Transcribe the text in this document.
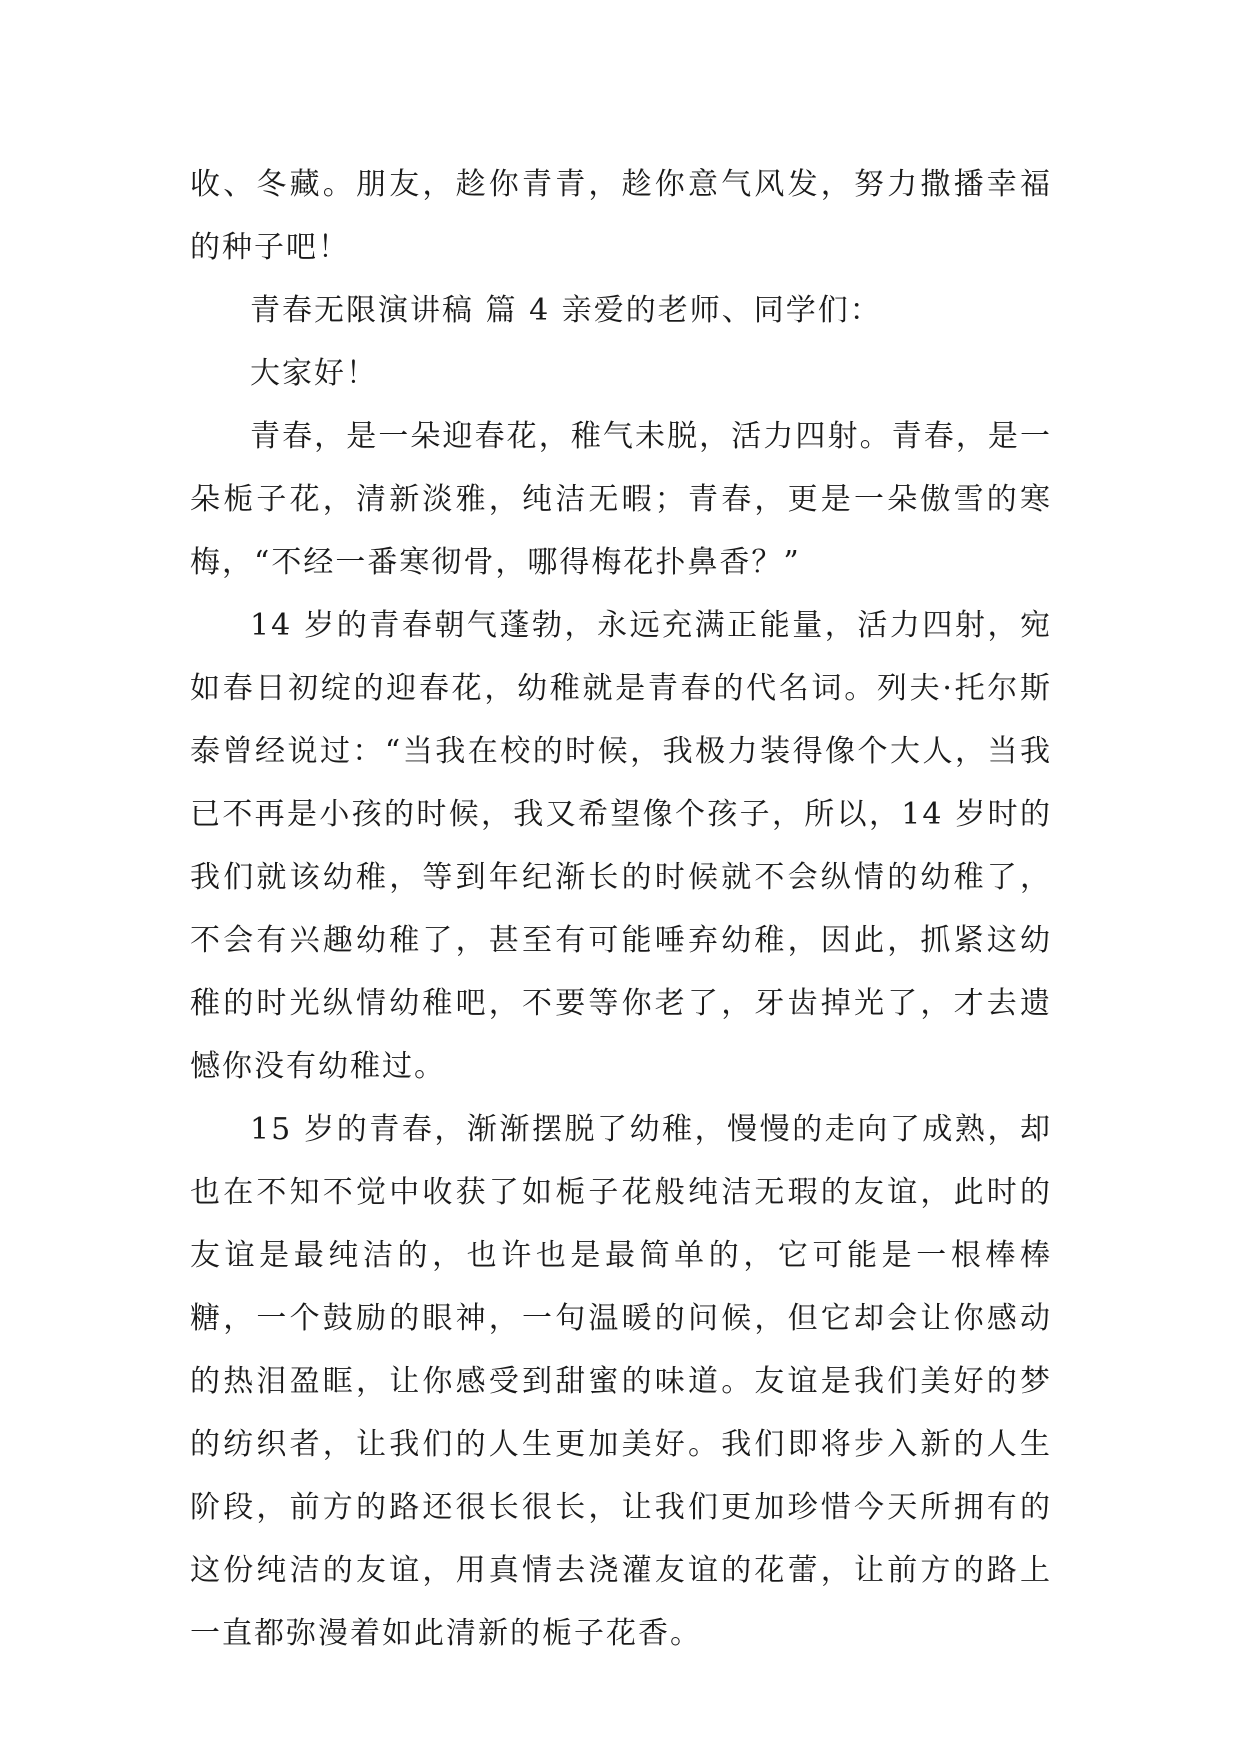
收、冬藏。朋友，趁你青青，趁你意气风发，努力撒播幸福的种子吧！

青春无限演讲稿 篇 4 亲爱的老师、同学们：

大家好！

青春，是一朵迎春花，稚气未脱，活力四射。青春，是一朵栀子花，清新淡雅，纯洁无暇；青春，更是一朵傲雪的寒梅，“不经一番寒彻骨，哪得梅花扑鼻香？”

14 岁的青春朝气蓬勃，永远充满正能量，活力四射，宛如春日初绽的迎春花，幼稚就是青春的代名词。列夫·托尔斯泰曾经说过：“当我在校的时候，我极力装得像个大人，当我已不再是小孩的时候，我又希望像个孩子，所以，14 岁时的我们就该幼稚，等到年纪渐长的时候就不会纵情的幼稚了，不会有兴趣幼稚了，甚至有可能唾弃幼稚，因此，抓紧这幼稚的时光纵情幼稚吧，不要等你老了，牙齿掉光了，才去遗憾你没有幼稚过。

15 岁的青春，渐渐摆脱了幼稚，慢慢的走向了成熟，却也在不知不觉中收获了如栀子花般纯洁无瑕的友谊，此时的友谊是最纯洁的，也许也是最简单的，它可能是一根棒棒糖，一个鼓励的眼神，一句温暖的问候，但它却会让你感动的热泪盈眶，让你感受到甜蜜的味道。友谊是我们美好的梦的纺织者，让我们的人生更加美好。我们即将步入新的人生阶段，前方的路还很长很长，让我们更加珍惜今天所拥有的这份纯洁的友谊，用真情去浇灌友谊的花蕾，让前方的路上一直都弥漫着如此清新的栀子花香。
